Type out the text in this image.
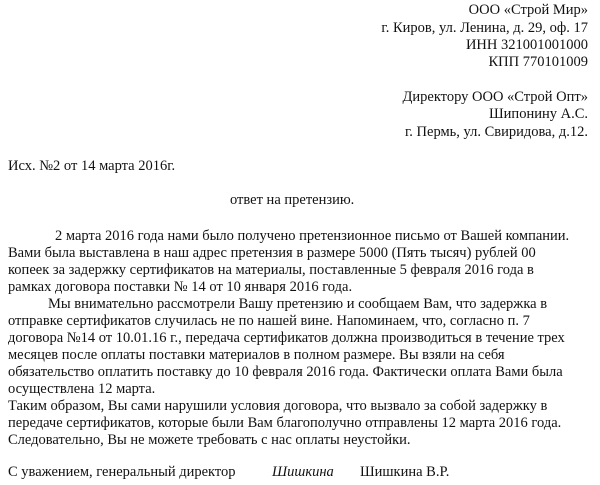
ООО «Строй Мир»
г. Киров, ул. Ленина, д. 29, оф. 17
ИНН 321001001000
КПП 770101009
Директору ООО «Строй Опт»
Шипонину А.С.
г. Пермь, ул. Свиридова, д.12.
Исх. №2 от 14 марта 2016г.
ответ на претензию.
2 марта 2016 года нами было получено претензионное письмо от Вашей компании.
Вами была выставлена в наш адрес претензия в размере 5000 (Пять тысяч) рублей 00
копеек за задержку сертификатов на материалы, поставленные 5 февраля 2016 года в
рамках договора поставки № 14 от 10 января 2016 года.
Мы внимательно рассмотрели Вашу претензию и сообщаем Вам, что задержка в
отправке сертификатов случилась не по нашей вине. Напоминаем, что, согласно п. 7
договора №14 от 10.01.16 г., передача сертификатов должна производиться в течение трех
месяцев после оплаты поставки материалов в полном размере. Вы взяли на себя
обязательство оплатить поставку до 10 февраля 2016 года. Фактически оплата Вами была
осуществлена 12 марта.
Таким образом, Вы сами нарушили условия договора, что вызвало за собой задержку в
передаче сертификатов, которые были Вам благополучно отправлены 12 марта 2016 года.
Следовательно, Вы не можете требовать с нас оплаты неустойки.
С уважением, генеральный директор	Шишкина Шишкина В.Р.
